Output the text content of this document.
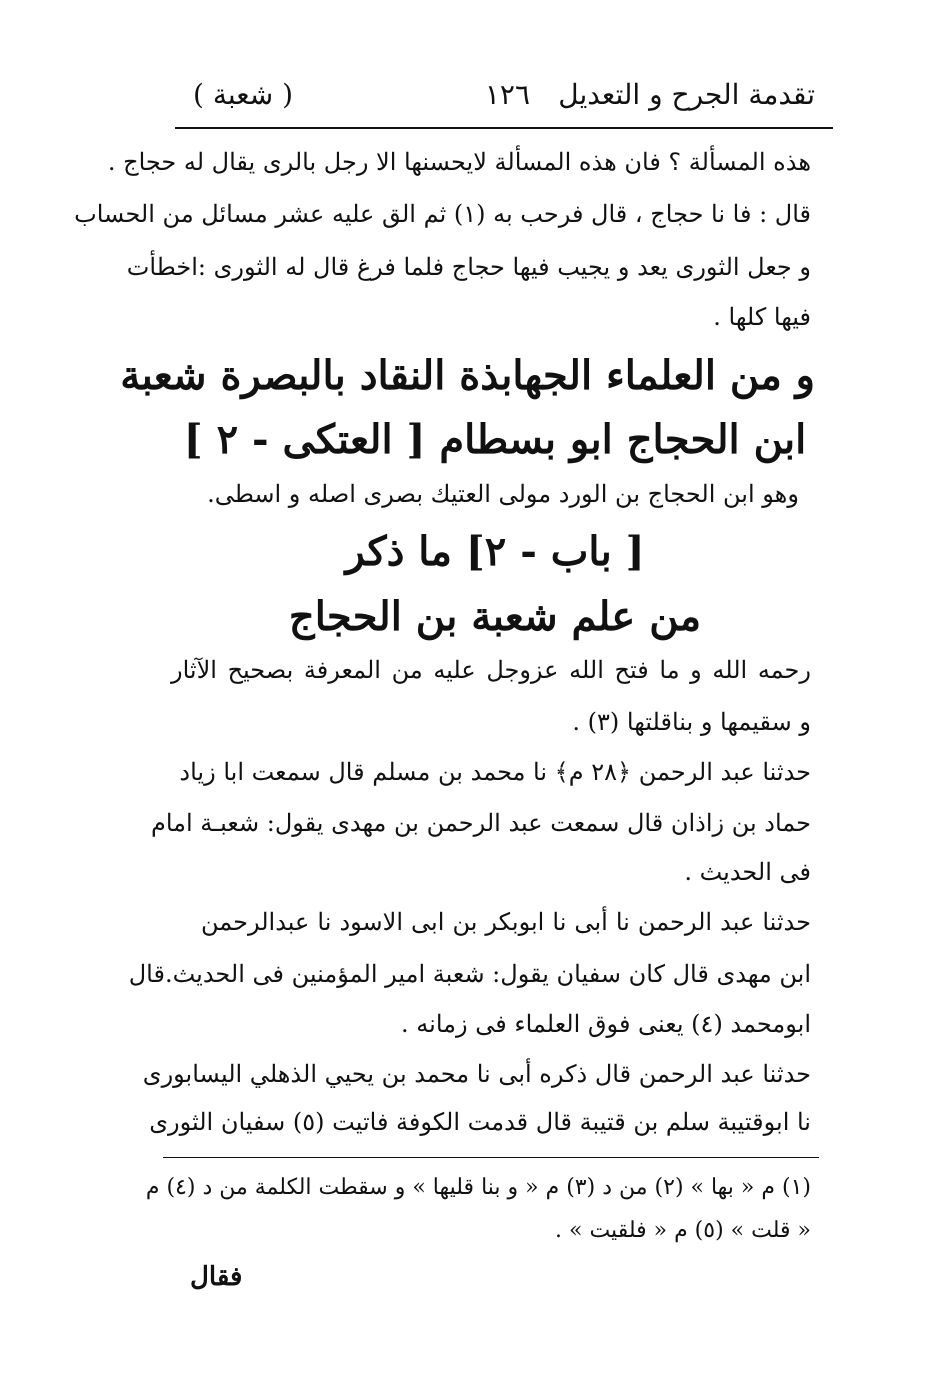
تقدمة الجرح و التعديل
١٢٦
( شعبة )
هذه المسألة ؟ فان هذه المسألة لايحسنها الا رجل بالرى يقال له حجاج .
قال : فا نا حجاج ، قال فرحب به (١) ثم الق عليه عشر مسائل من الحساب
و جعل الثورى يعد و يجيب فيها حجاج فلما فرغ قال له الثورى :اخطأت
فيها كلها .
و من العلماء الجهابذة النقاد بالبصرة شعبة
ابن الحجاج ابو بسطام [ العتكى - ٢ ]
وهو ابن الحجاج بن الورد مولى العتيك بصرى اصله و اسطى.
[ باب - ٢] ما ذكر
من علم شعبة بن الحجاج
رحمه الله و ما فتح الله عزوجل عليه من المعرفة بصحيح الآثار
و سقيمها و بناقلتها (٣) .
حدثنا عبد الرحمن ﴿٢٨ م﴾ نا محمد بن مسلم قال سمعت ابا زياد
حماد بن زاذان قال سمعت عبد الرحمن بن مهدى يقول: شعبـة امام
فى الحديث .
حدثنا عبد الرحمن نا أبى نا ابوبكر بن ابى الاسود نا عبدالرحمن
ابن مهدى قال كان سفيان يقول: شعبة امير المؤمنين فى الحديث.قال
ابومحمد (٤) يعنى فوق العلماء فى زمانه .
حدثنا عبد الرحمن قال ذكره أبى نا محمد بن يحيي الذهلي اليسابورى
نا ابوقتيبة سلم بن قتيبة قال قدمت الكوفة فاتيت (٥) سفيان الثورى
(١) م « بها » (٢) من د (٣) م « و بنا قليها » و سقطت الكلمة من د (٤) م
« قلت » (٥) م « فلقيت » .
فقال
